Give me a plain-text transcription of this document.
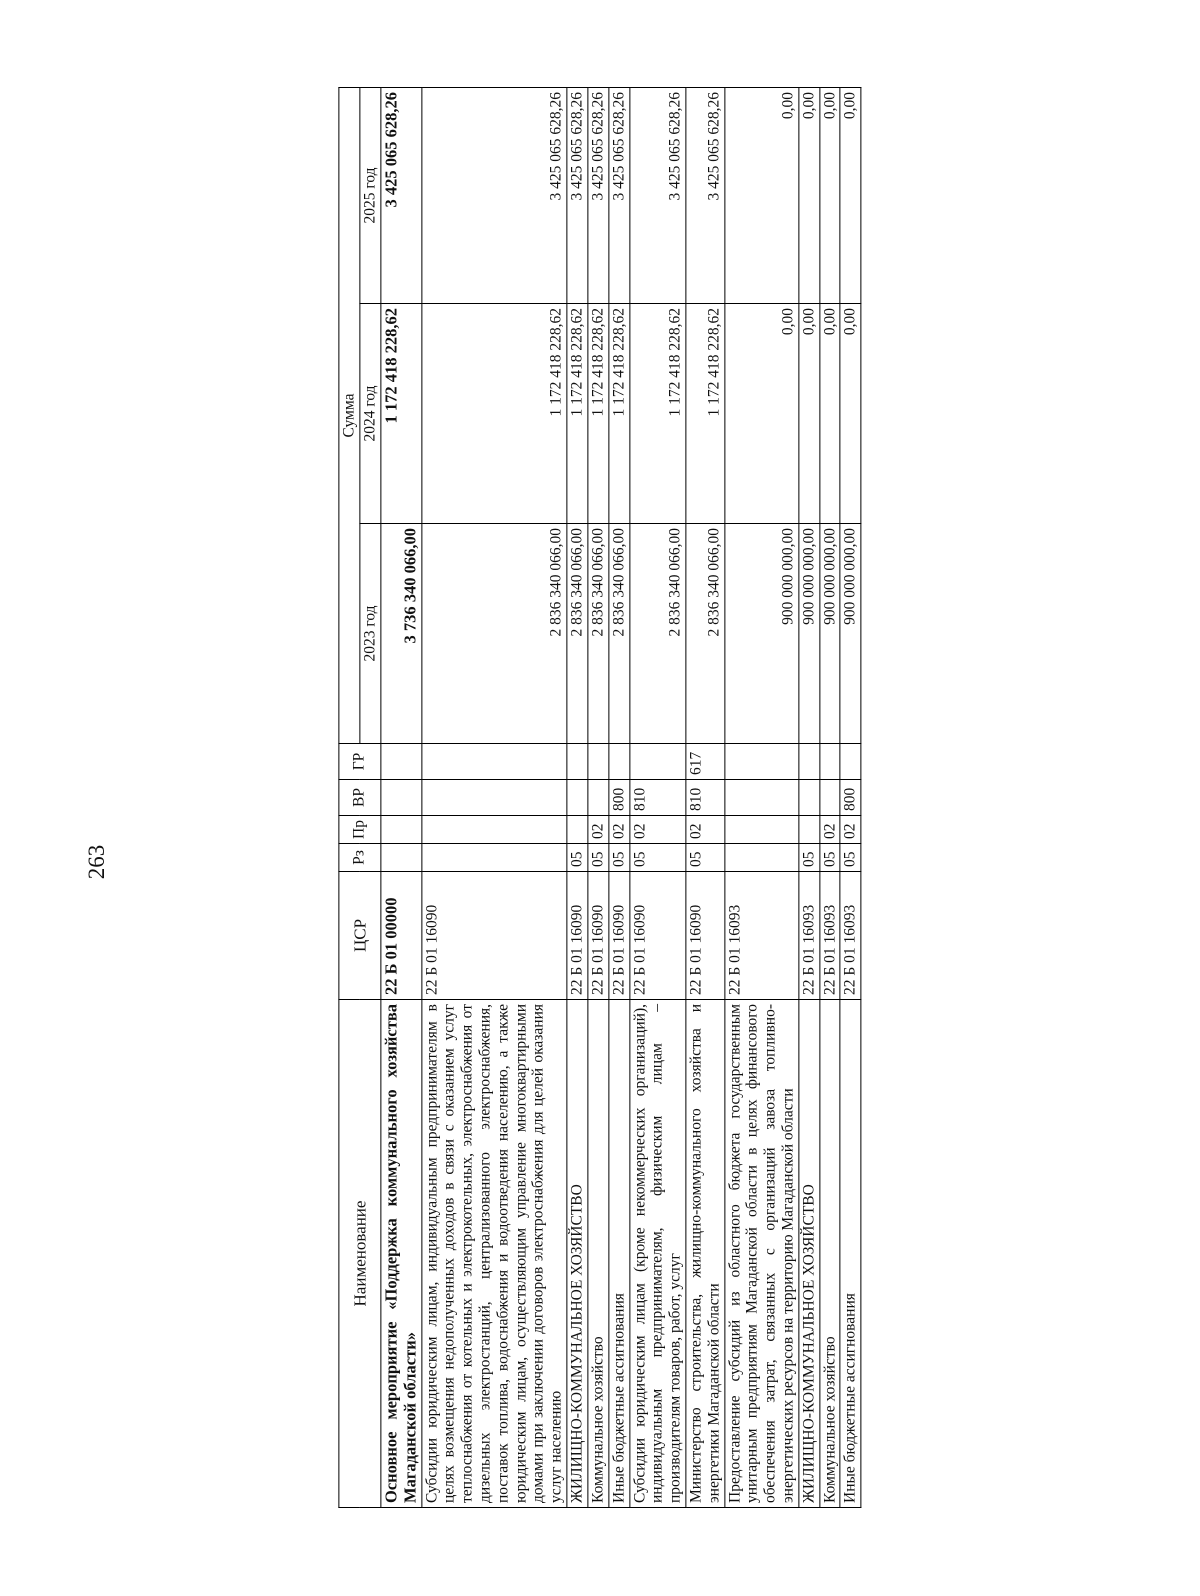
263
Наименование	ЦСР	Рз	Пр	ВР	ГР	Сумма		
						2023 год	2024 год	2025 год
Основное мероприятие «Поддержка коммунального хозяйства Магаданской области»	22 Б 01 00000					3 736 340 066,00	1 172 418 228,62	3 425 065 628,26
Субсидии юридическим лицам, индивидуальным предпринимателям в целях возмещения недополученных доходов в связи с оказанием услуг теплоснабжения от котельных и электрокотельных, электроснабжения от дизельных электростанций, централизованного электроснабжения, поставок топлива, водоснабжения и водоотведения населению, а также юридическим лицам, осуществляющим управление многоквартирными домами при заключении договоров электроснабжения для целей оказания услуг населению	22 Б 01 16090					2 836 340 066,00	1 172 418 228,62	3 425 065 628,26
ЖИЛИЩНО-КОММУНАЛЬНОЕ ХОЗЯЙСТВО	22 Б 01 16090	05				2 836 340 066,00	1 172 418 228,62	3 425 065 628,26
Коммунальное хозяйство	22 Б 01 16090	05	02			2 836 340 066,00	1 172 418 228,62	3 425 065 628,26
Иные бюджетные ассигнования	22 Б 01 16090	05	02	800		2 836 340 066,00	1 172 418 228,62	3 425 065 628,26
Субсидии юридическим лицам (кроме некоммерческих организаций), индивидуальным предпринимателям, физическим лицам – производителям товаров, работ, услуг	22 Б 01 16090	05	02	810		2 836 340 066,00	1 172 418 228,62	3 425 065 628,26
Министерство строительства, жилищно-коммунального хозяйства и энергетики Магаданской области	22 Б 01 16090	05	02	810	617	2 836 340 066,00	1 172 418 228,62	3 425 065 628,26
Предоставление субсидий из областного бюджета государственным унитарным предприятиям Магаданской области в целях финансового обеспечения затрат, связанных с организаций завоза топливно-энергетических ресурсов на территорию Магаданской области	22 Б 01 16093					900 000 000,00	0,00	0,00
ЖИЛИЩНО-КОММУНАЛЬНОЕ ХОЗЯЙСТВО	22 Б 01 16093	05				900 000 000,00	0,00	0,00
Коммунальное хозяйство	22 Б 01 16093	05	02			900 000 000,00	0,00	0,00
Иные бюджетные ассигнования	22 Б 01 16093	05	02	800		900 000 000,00	0,00	0,00
